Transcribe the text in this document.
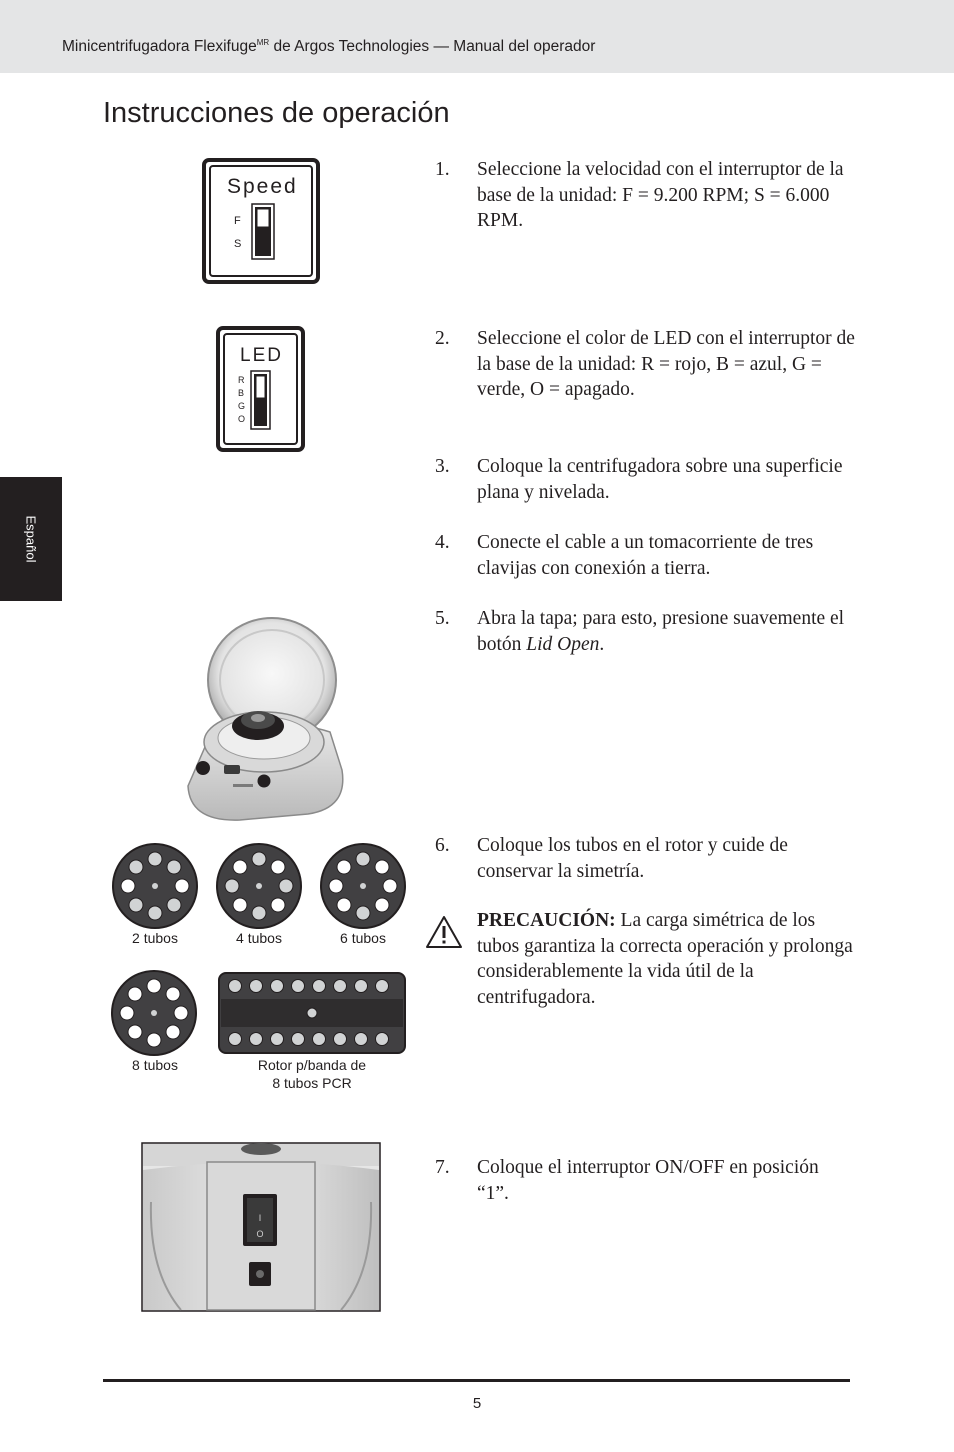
Minicentrifugadora Flexifuge$^{MR}$ de Argos Technologies — Manual del operador
Instrucciones de operación
Español
Speed
F
S
LED
R
B
G
O
2 tubos	4 tubos	6 tubos
8 tubos	Rotor p/banda de
8 tubos PCR
I
O
1. Seleccione la velocidad con el interruptor de la base de la unidad: F = 9.200 RPM; S = 6.000 RPM.
2. Seleccione el color de LED con el interruptor de la base de la unidad: R = rojo, B = azul, G = verde, O = apagado.
3. Coloque la centrifugadora sobre una superficie plana y nivelada.
4. Conecte el cable a un tomacorriente de tres clavijas con conexión a tierra.
5. Abra la tapa; para esto, presione suavemente el botón Lid Open.
6. Coloque los tubos en el rotor y cuide de conservar la simetría.
PRECAUCIÓN: La carga simétrica de los tubos garantiza la correcta operación y prolonga considerablemente la vida útil de la centrifugadora.
7. Coloque el interruptor ON/OFF en posición “1”.
5
